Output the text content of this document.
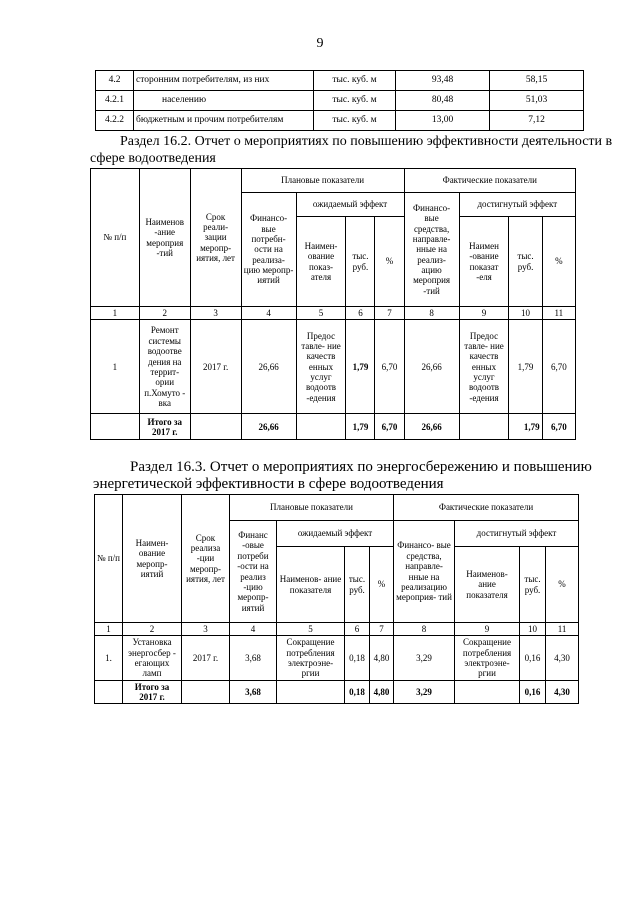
9
4.2	сторонним потребителям, из них	тыс. куб. м	93,48	58,15
4.2.1	населению	тыс. куб. м	80,48	51,03
4.2.2	бюджетным и прочим потребителям	тыс. куб. м	13,00	7,12
Раздел 16.2. Отчет о мероприятиях по повышению эффективности деятельности в
сфере водоотведения
№ п/п	Наименов -ание мероприя -тий	Срок реали- зации меропр- иятия, лет	Плановые показатели				Фактические показатели			
			Финансо- вые потребн- ости на реализа- цию меропр- иятий	ожидаемый эффект			Финансо- вые средства, направле- нные на реализ- ацию мероприя -тий	достигнутый эффект		
				Наимен- ование показ- ателя	тыс. руб.	%		Наимен -ование показат -еля	тыс. руб.	%
1	2	3	4	5	6	7	8	9	10	11
1	Ремонт системы водоотве дения на террит- ории п.Хомуто - вка	2017 г.	26,66	Предос тавле- ние качеств енных услуг водоотв -едения	1,79	6,70	26,66	Предос тавле- ние качеств енных услуг водоотв -едения	1,79	6,70
	Итого за 2017 г.		26,66		1,79	6,70	26,66		1,79	6,70
Раздел 16.3. Отчет о мероприятиях по энергосбережению и повышению
энергетической эффективности в сфере водоотведения
№ п/п	Наимен- ование меропр- иятий	Срок реализа -ции меропр- иятия, лет	Плановые показатели				Фактические показатели			
			Финанс -овые потреби -ости на реализ -цию меропр- иятий	ожидаемый эффект			Финансо- вые средства, направле- нные на реализацию мероприя- тий	достигнутый эффект		
				Наименов- ание показателя	тыс. руб.	%		Наименов- ание показателя	тыс. руб.	%
1	2	3	4	5	6	7	8	9	10	11
1.	Установка энергосбер - егающих ламп	2017 г.	3,68	Сокращение потребления электроэне- ргии	0,18	4,80	3,29	Сокращение потребления электроэне- ргии	0,16	4,30
	Итого за 2017 г.		3,68		0,18	4,80	3,29		0,16	4,30
